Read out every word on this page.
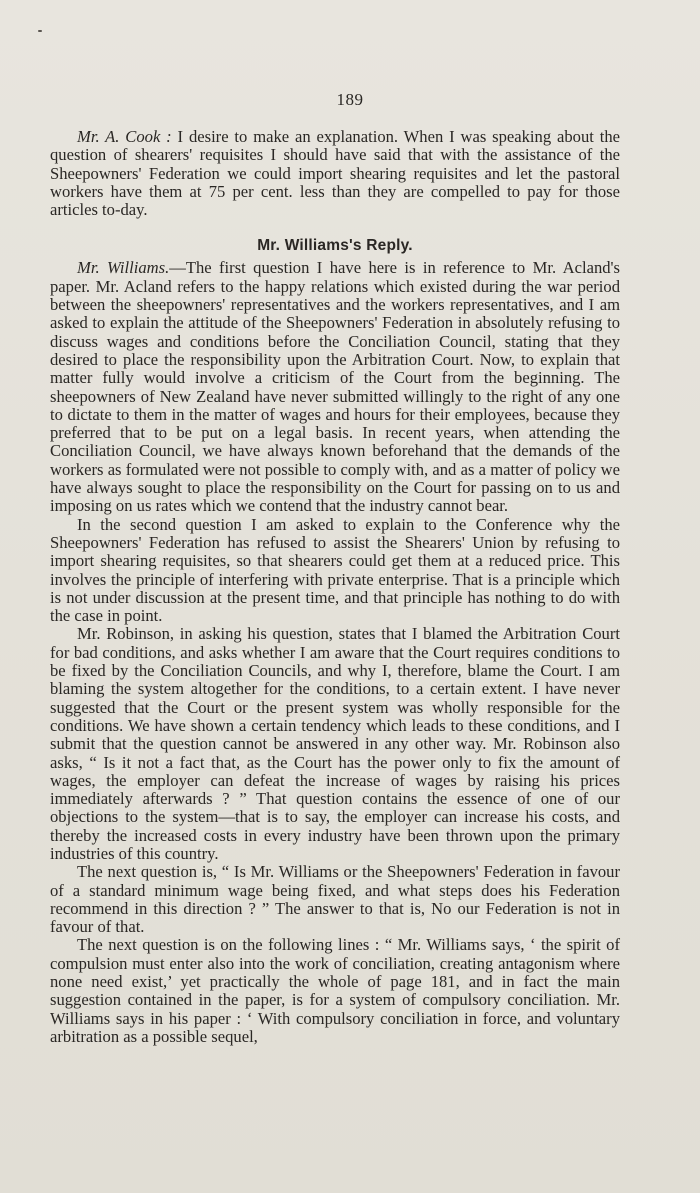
189

Mr. A. Cook : I desire to make an explanation. When I was speaking about the question of shearers' requisites I should have said that with the assistance of the Sheepowners' Federation we could import shearing requisites and let the pastoral workers have them at 75 per cent. less than they are compelled to pay for those articles to-day.

Mr. Williams's Reply.

Mr. Williams.—The first question I have here is in reference to Mr. Acland's paper. Mr. Acland refers to the happy relations which existed during the war period between the sheepowners' representatives and the workers representatives, and I am asked to explain the attitude of the Sheepowners' Federation in absolutely refusing to discuss wages and conditions before the Conciliation Council, stating that they desired to place the responsibility upon the Arbitration Court. Now, to explain that matter fully would involve a criticism of the Court from the beginning. The sheepowners of New Zealand have never submitted willingly to the right of any one to dictate to them in the matter of wages and hours for their employees, because they preferred that to be put on a legal basis. In recent years, when attending the Conciliation Council, we have always known beforehand that the demands of the workers as formulated were not possible to comply with, and as a matter of policy we have always sought to place the responsibility on the Court for passing on to us and imposing on us rates which we contend that the industry cannot bear.

In the second question I am asked to explain to the Conference why the Sheepowners' Federation has refused to assist the Shearers' Union by refusing to import shearing requisites, so that shearers could get them at a reduced price. This involves the principle of interfering with private enterprise. That is a principle which is not under discussion at the present time, and that principle has nothing to do with the case in point.

Mr. Robinson, in asking his question, states that I blamed the Arbitration Court for bad conditions, and asks whether I am aware that the Court requires conditions to be fixed by the Conciliation Councils, and why I, therefore, blame the Court. I am blaming the system altogether for the conditions, to a certain extent. I have never suggested that the Court or the present system was wholly responsible for the conditions. We have shown a certain tendency which leads to these conditions, and I submit that the question cannot be answered in any other way. Mr. Robinson also asks, “ Is it not a fact that, as the Court has the power only to fix the amount of wages, the employer can defeat the increase of wages by raising his prices immediately afterwards ? ” That question contains the essence of one of our objections to the system—that is to say, the employer can increase his costs, and thereby the increased costs in every industry have been thrown upon the primary industries of this country.

The next question is, “ Is Mr. Williams or the Sheepowners' Federation in favour of a standard minimum wage being fixed, and what steps does his Federation recommend in this direction ? ” The answer to that is, No our Federation is not in favour of that.

The next question is on the following lines : “ Mr. Williams says, ‘ the spirit of compulsion must enter also into the work of conciliation, creating antagonism where none need exist,’ yet practically the whole of page 181, and in fact the main suggestion contained in the paper, is for a system of compulsory conciliation. Mr. Williams says in his paper : ‘ With compulsory conciliation in force, and voluntary arbitration as a possible sequel,
